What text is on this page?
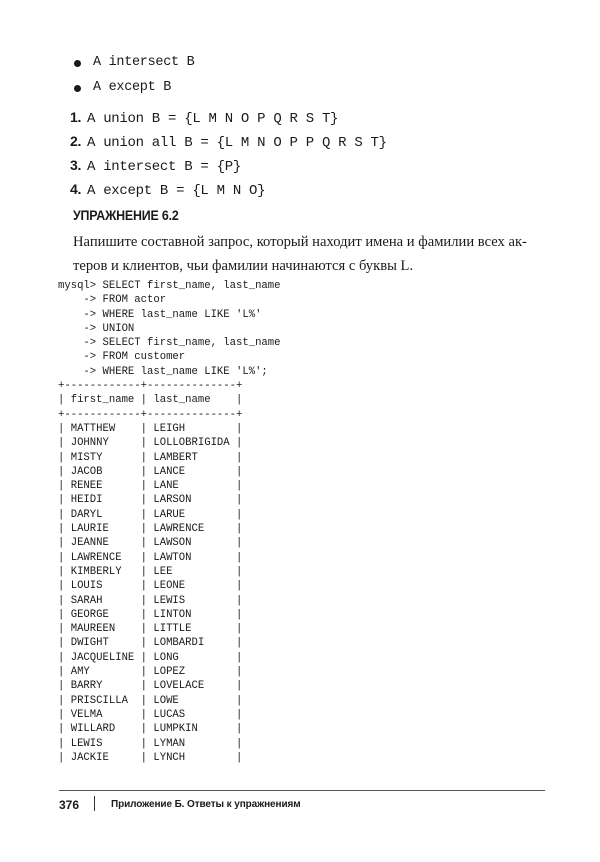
A intersect B
A except B
1. A union B = {L M N O P Q R S T}
2. A union all B = {L M N O P P Q R S T}
3. A intersect B = {P}
4. A except B = {L M N O}
УПРАЖНЕНИЕ 6.2

Напишите составной запрос, который находит имена и фамилии всех ак-
теров и клиентов, чьи фамилии начинаются с буквы L.

mysql> SELECT first_name, last_name
-> FROM actor
-> WHERE last_name LIKE 'L%'
-> UNION
-> SELECT first_name, last_name
-> FROM customer
-> WHERE last_name LIKE 'L%';
+------------+--------------+
| first_name | last_name    |
+------------+--------------+
| MATTHEW    | LEIGH        |
| JOHNNY     | LOLLOBRIGIDA |
| MISTY      | LAMBERT      |
| JACOB      | LANCE        |
| RENEE      | LANE         |
| HEIDI      | LARSON       |
| DARYL      | LARUE        |
| LAURIE     | LAWRENCE     |
| JEANNE     | LAWSON       |
| LAWRENCE   | LAWTON       |
| KIMBERLY   | LEE          |
| LOUIS      | LEONE        |
| SARAH      | LEWIS        |
| GEORGE     | LINTON       |
| MAUREEN    | LITTLE       |
| DWIGHT     | LOMBARDI     |
| JACQUELINE | LONG         |
| AMY        | LOPEZ        |
| BARRY      | LOVELACE     |
| PRISCILLA  | LOWE         |
| VELMA      | LUCAS        |
| WILLARD    | LUMPKIN      |
| LEWIS      | LYMAN        |
| JACKIE     | LYNCH        |
376	Приложение Б. Ответы к упражнениям
